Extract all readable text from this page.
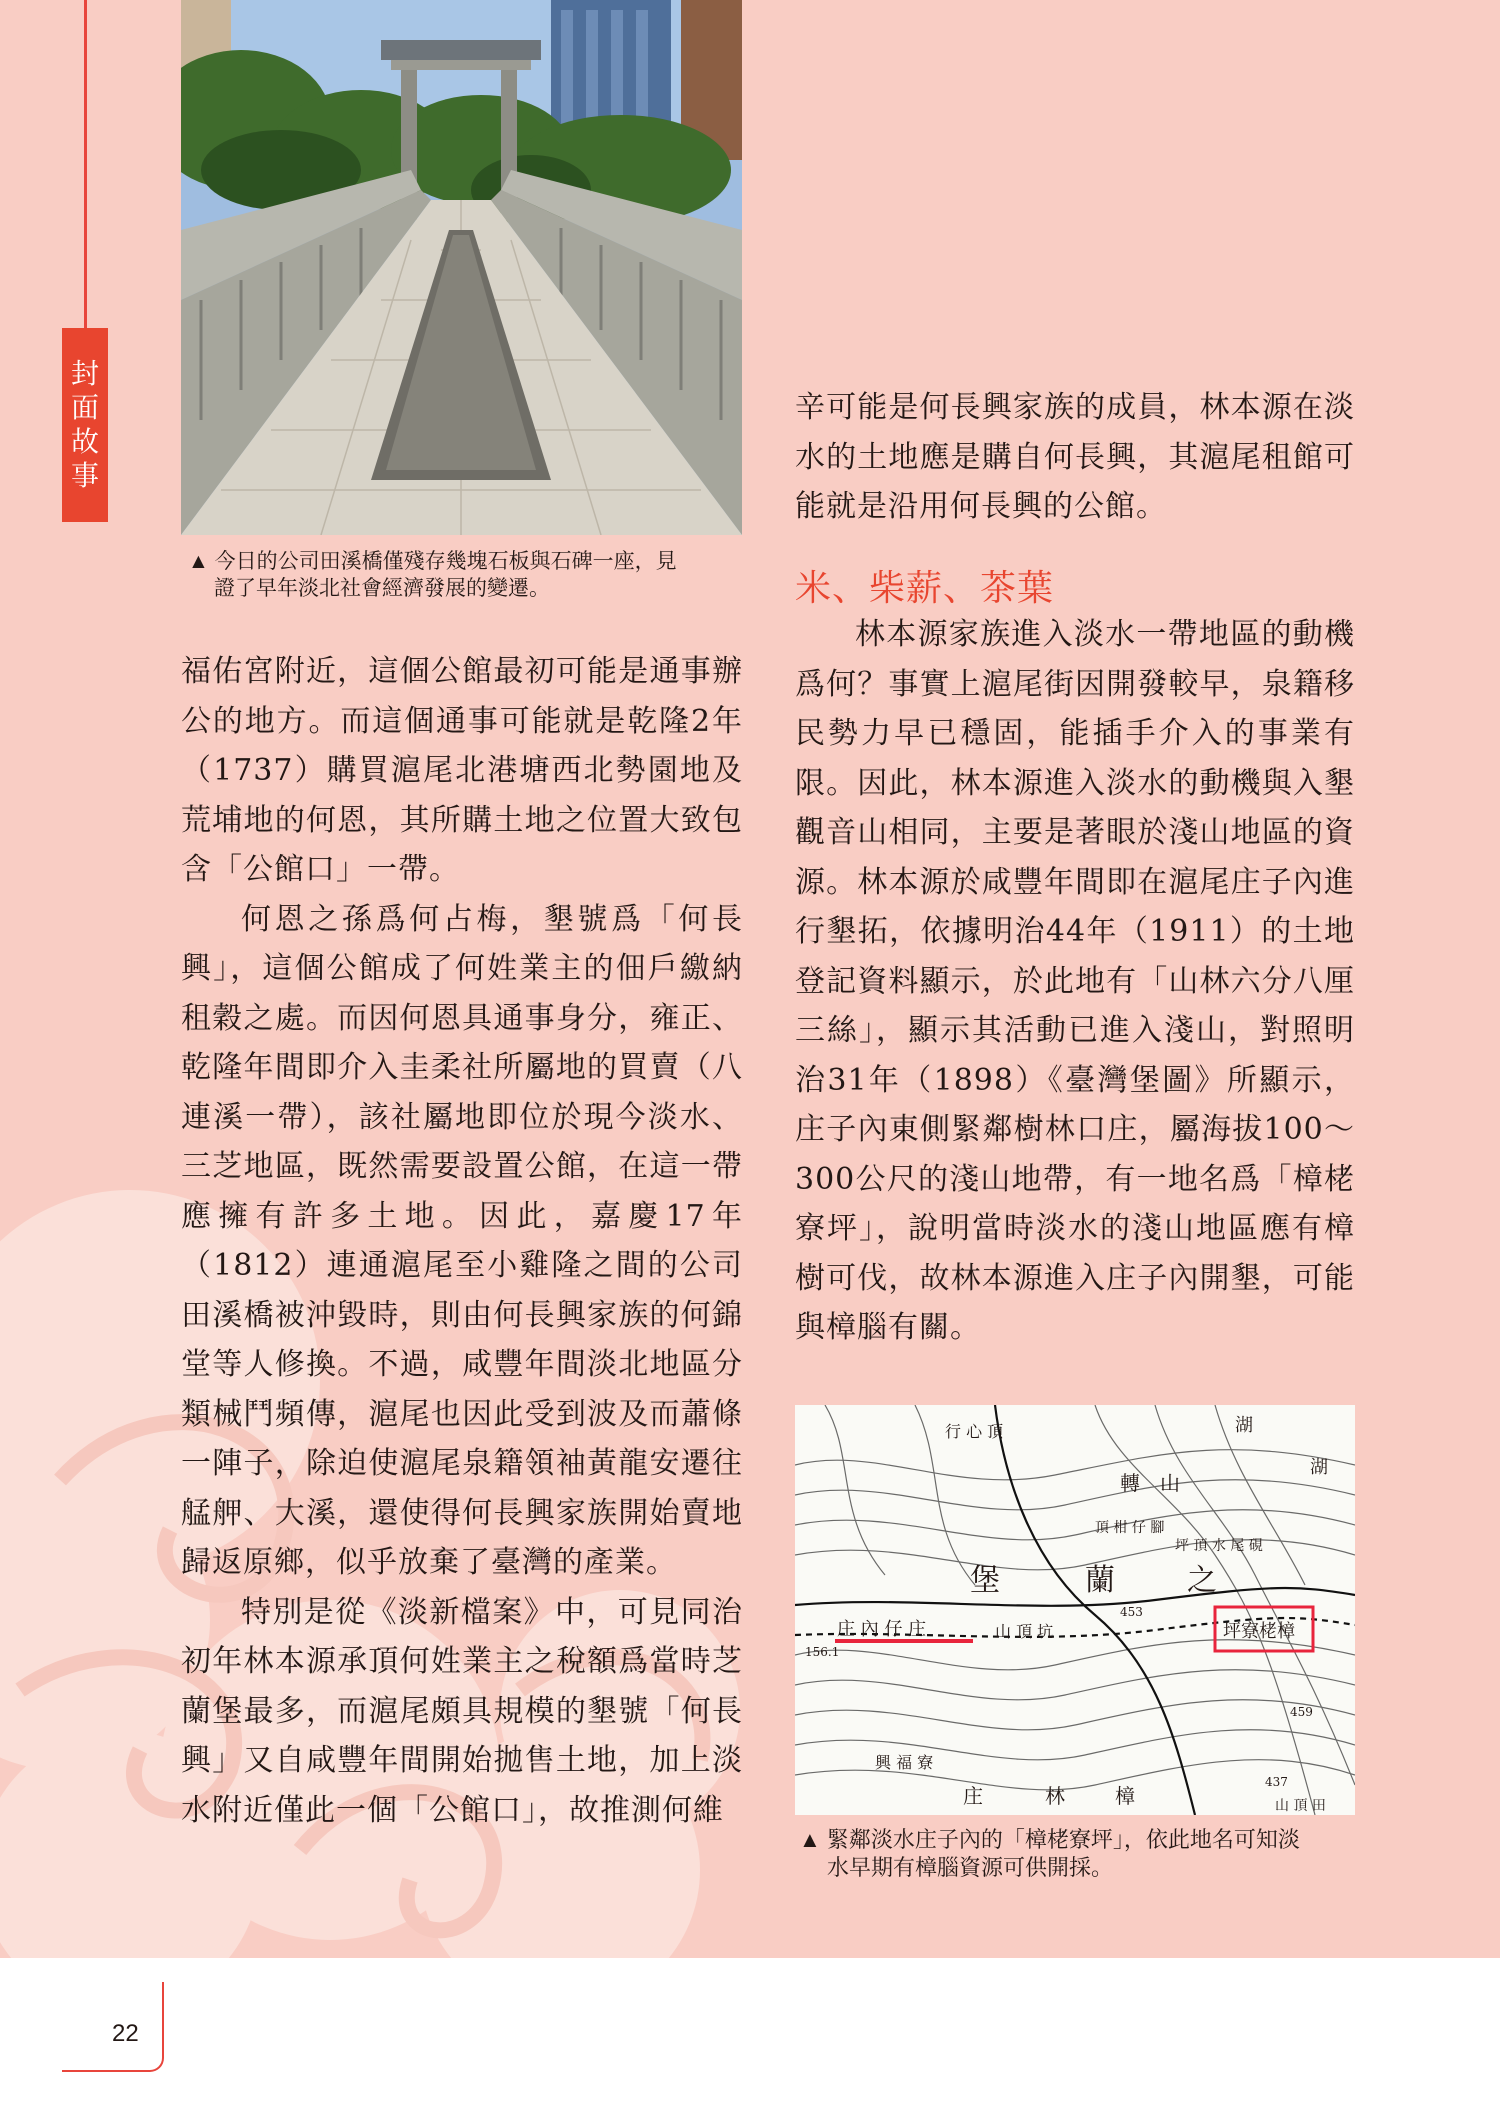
封
面
故
事
▲ 今日的公司田溪橋僅殘存幾塊石板與石碑一座，見
證了早年淡北社會經濟發展的變遷。

福佑宮附近，這個公館最初可能是通事辦公的地方。而這個通事可能就是乾隆2年（1737）購買滬尾北港塘西北勢園地及荒埔地的何恩，其所購土地之位置大致包含「公館口」一帶。

何恩之孫爲何占梅，墾號爲「何長興」，這個公館成了何姓業主的佃戶繳納租穀之處。而因何恩具通事身分，雍正、乾隆年間即介入圭柔社所屬地的買賣（八連溪一帶），該社屬地即位於現今淡水、三芝地區，既然需要設置公館，在這一帶應擁有許多土地。因此，嘉慶17年（1812）連通滬尾至小雞隆之間的公司田溪橋被沖毀時，則由何長興家族的何錦堂等人修換。不過，咸豐年間淡北地區分類械鬥頻傳，滬尾也因此受到波及而蕭條一陣子，除迫使滬尾泉籍領袖黃龍安遷往艋舺、大溪，還使得何長興家族開始賣地歸返原鄉，似乎放棄了臺灣的產業。

特別是從《淡新檔案》中，可見同治初年林本源承頂何姓業主之稅額爲當時芝蘭堡最多，而滬尾頗具規模的墾號「何長興」又自咸豐年間開始拋售土地，加上淡水附近僅此一個「公館口」，故推測何維

辛可能是何長興家族的成員，林本源在淡水的土地應是購自何長興，其滬尾租館可能就是沿用何長興的公館。

米、柴薪、茶葉

林本源家族進入淡水一帶地區的動機爲何？事實上滬尾街因開發較早，泉籍移民勢力早已穩固，能插手介入的事業有限。因此，林本源進入淡水的動機與入墾觀音山相同，主要是著眼於淺山地區的資源。林本源於咸豐年間即在滬尾庄子內進行墾拓，依據明治44年（1911）的土地登記資料顯示，於此地有「山林六分八厘三絲」，顯示其活動已進入淺山，對照明治31年（1898）《臺灣堡圖》所顯示，庄子內東側緊鄰樹林口庄，屬海拔100～300公尺的淺山地帶，有一地名爲「樟栳寮坪」，說明當時淡水的淺山地區應有樟樹可伐，故林本源進入庄子內開墾，可能與樟腦有關。

行 心 頂	湖
轉 山
湖
頂 柑 仔 腳
坪 頂 水 尾 硯
堡	蘭 之
庄 內 仔 庄	山 頂 坑	坪寮栳樟
453
156.1
459
437
興 福 寮
庄	林	樟	山 頂 田
▲ 緊鄰淡水庄子內的「樟栳寮坪」，依此地名可知淡
水早期有樟腦資源可供開採。
22
